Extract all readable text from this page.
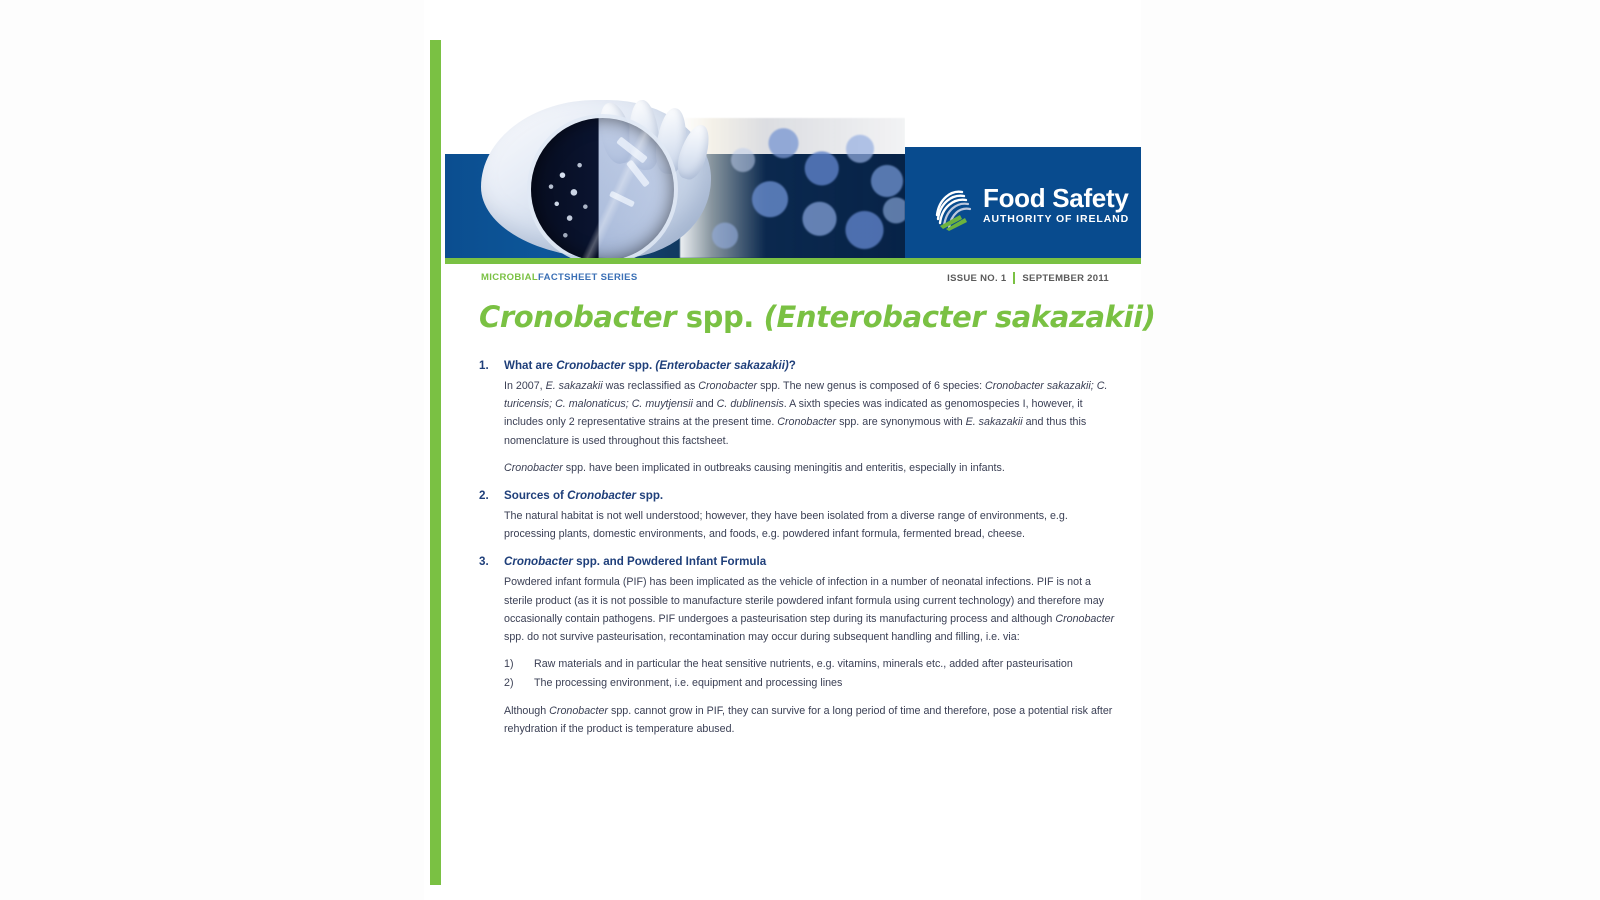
Food Safety
AUTHORITY OF IRELAND
MICROBIALFACTSHEET SERIES	ISSUE NO. 1 SEPTEMBER 2011
Cronobacter spp. (Enterobacter sakazakii)
1. What are Cronobacter spp. (Enterobacter sakazakii)?

In 2007, E. sakazakii was reclassified as Cronobacter spp. The new genus is composed of 6 species: Cronobacter sakazakii; C. turicensis; C. malonaticus; C. muytjensii and C. dublinensis. A sixth species was indicated as genomospecies I, however, it includes only 2 representative strains at the present time. Cronobacter spp. are synonymous with E. sakazakii and thus this nomenclature is used throughout this factsheet.

Cronobacter spp. have been implicated in outbreaks causing meningitis and enteritis, especially in infants.

2. Sources of Cronobacter spp.

The natural habitat is not well understood; however, they have been isolated from a diverse range of environments, e.g. processing plants, domestic environments, and foods, e.g. powdered infant formula, fermented bread, cheese.

3. Cronobacter spp. and Powdered Infant Formula

Powdered infant formula (PIF) has been implicated as the vehicle of infection in a number of neonatal infections. PIF is not a sterile product (as it is not possible to manufacture sterile powdered infant formula using current technology) and therefore may occasionally contain pathogens. PIF undergoes a pasteurisation step during its manufacturing process and although Cronobacter spp. do not survive pasteurisation, recontamination may occur during subsequent handling and filling, i.e. via:

1) Raw materials and in particular the heat sensitive nutrients, e.g. vitamins, minerals etc., added after pasteurisation
2) The processing environment, i.e. equipment and processing lines

Although Cronobacter spp. cannot grow in PIF, they can survive for a long period of time and therefore, pose a potential risk after rehydration if the product is temperature abused.
